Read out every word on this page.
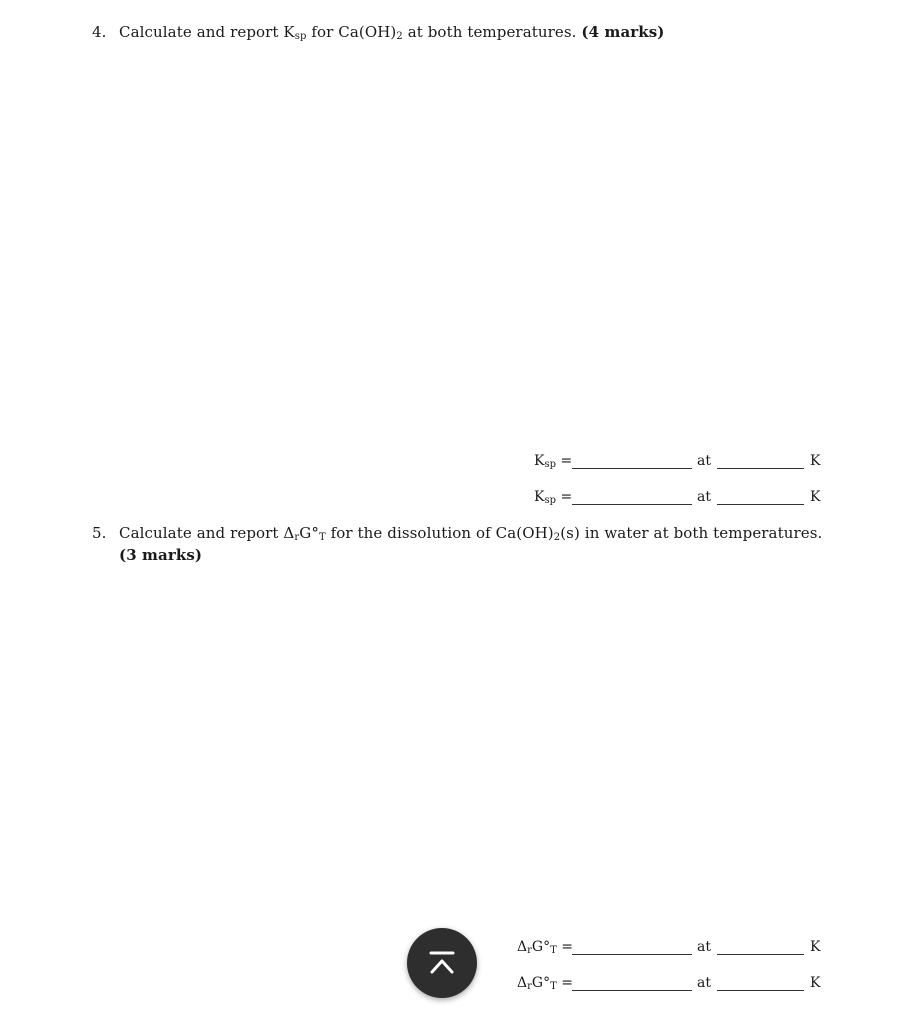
4. Calculate and report $K_{sp}$ for $Ca(OH)_2$ at both temperatures. (4 marks)
$K_{sp}$ =	at	K
$K_{sp}$ =	at	K
5. Calculate and report $\Delta_rG^\circ_T$ for the dissolution of $Ca(OH)_2(s)$ in water at both temperatures.
(3 marks)
$\Delta_rG^\circ_T$ =	at	K
$\Delta_rG^\circ_T$ =	at	K
